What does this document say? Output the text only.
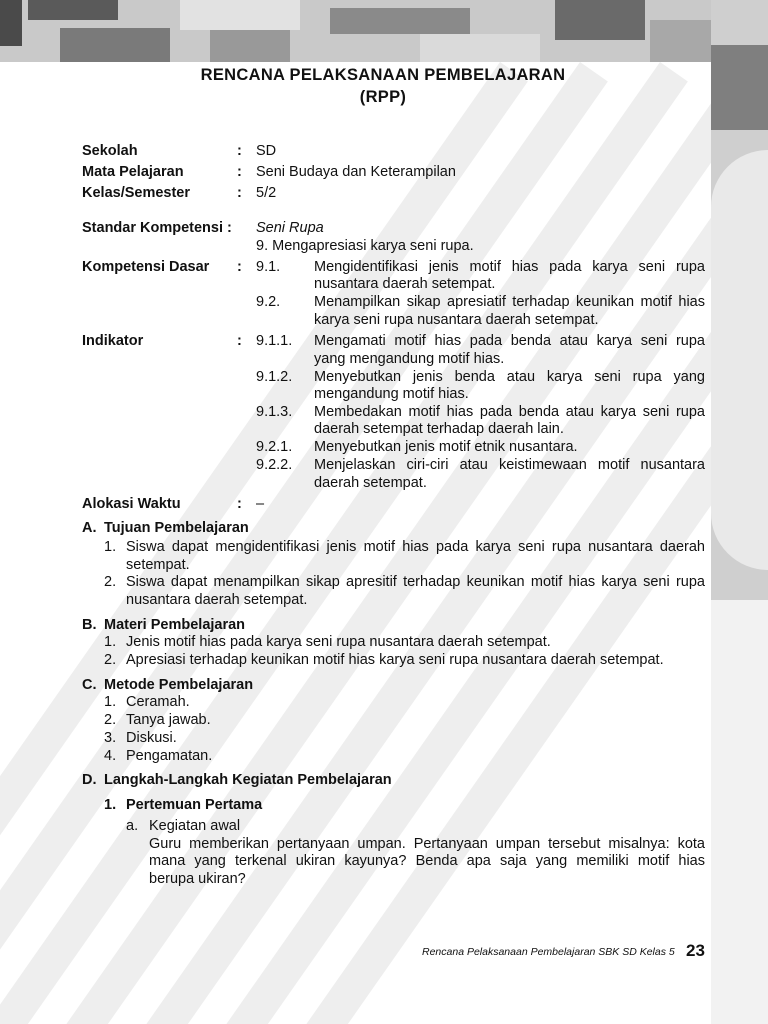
RENCANA PELAKSANAAN PEMBELAJARAN
(RPP)
Sekolah	: SD
Mata Pelajaran	: Seni Budaya dan Keterampilan
Kelas/Semester	: 5/2
Standar Kompetensi : Seni Rupa
9. Mengapresiasi karya seni rupa.
Kompetensi Dasar : 9.1. Mengidentifikasi jenis motif hias pada karya seni rupa
nusantara daerah setempat.
9.2. Menampilkan sikap apresiatif terhadap keunikan motif hias
karya seni rupa nusantara daerah setempat.
Indikator	: 9.1.1. Mengamati motif hias pada benda atau karya seni rupa
yang mengandung motif hias.
9.1.2. Menyebutkan jenis benda atau karya seni rupa yang
mengandung motif hias.
9.1.3. Membedakan motif hias pada benda atau karya seni rupa
daerah setempat terhadap daerah lain.
9.2.1. Menyebutkan jenis motif etnik nusantara.
9.2.2. Menjelaskan ciri-ciri atau keistimewaan motif nusantara
daerah setempat.
Alokasi Waktu	: –
A. Tujuan Pembelajaran
1. Siswa dapat mengidentifikasi jenis motif hias pada karya seni rupa nusantara daerah
setempat.
2. Siswa dapat menampilkan sikap apresitif terhadap keunikan motif hias karya seni rupa
nusantara daerah setempat.
B. Materi Pembelajaran
1. Jenis motif hias pada karya seni rupa nusantara daerah setempat.
2. Apresiasi terhadap keunikan motif hias karya seni rupa nusantara daerah setempat.
C. Metode Pembelajaran
1. Ceramah.
2. Tanya jawab.
3. Diskusi.
4. Pengamatan.
D. Langkah-Langkah Kegiatan Pembelajaran
1. Pertemuan Pertama
a. Kegiatan awal
Guru memberikan pertanyaan umpan. Pertanyaan umpan tersebut misalnya: kota
mana yang terkenal ukiran kayunya? Benda apa saja yang memiliki motif hias
berupa ukiran?
Rencana Pelaksanaan Pembelajaran SBK SD Kelas 5 23
